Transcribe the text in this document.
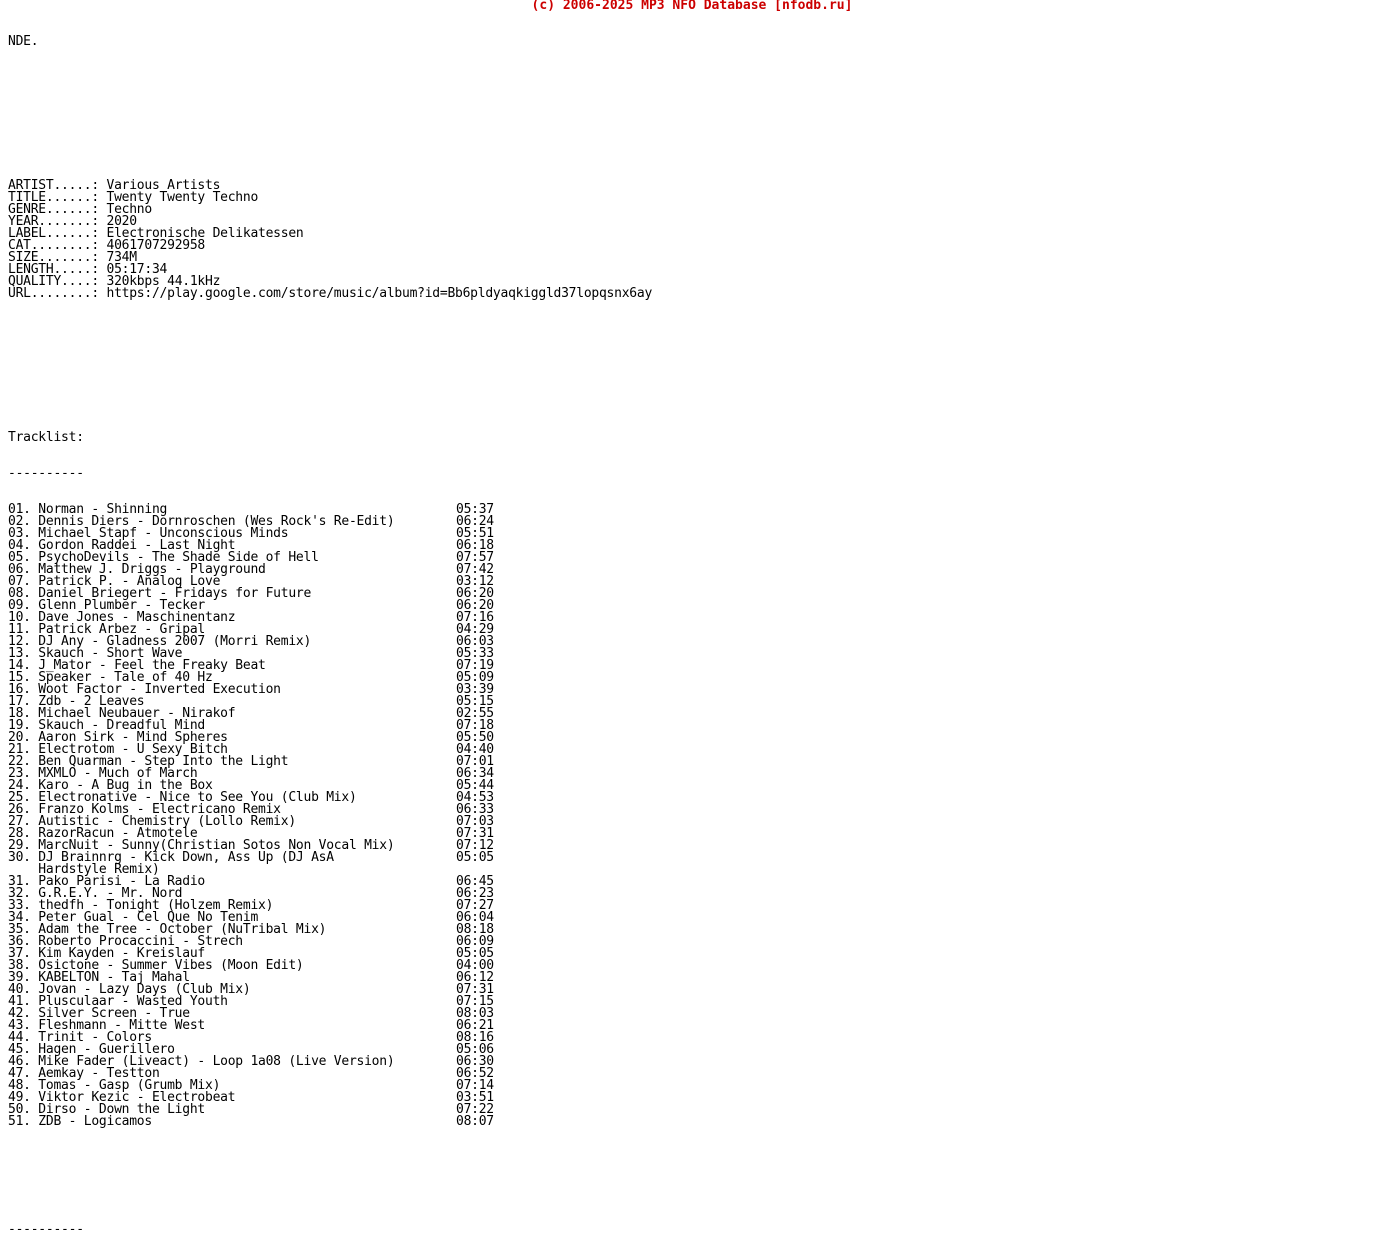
(c) 2006-2025 MP3 NFO Database [nfodb.ru]

NDE.

ARTIST.....: Various Artists
TITLE......: Twenty Twenty Techno
GENRE......: Techno
YEAR.......: 2020
LABEL......: Electronische Delikatessen
CAT........: 4061707292958
SIZE.......: 734M
LENGTH.....: 05:17:34
QUALITY....: 320kbps 44.1kHz
URL........: https://play.google.com/store/music/album?id=Bb6pldyaqkiggld37lopqsnx6ay

Tracklist:

----------

01. Norman - Shinning	05:37
02. Dennis Diers - Dornroschen (Wes Rock's Re-Edit)	06:24
03. Michael Stapf - Unconscious Minds	05:51
04. Gordon Raddei - Last Night	06:18
05. PsychoDevils - The Shade Side of Hell	07:57
06. Matthew J. Driggs - Playground	07:42
07. Patrick P. - Analog Love	03:12
08. Daniel Briegert - Fridays for Future	06:20
09. Glenn Plumber - Tecker	06:20
10. Dave Jones - Maschinentanz	07:16
11. Patrick Arbez - Gripal	04:29
12. DJ Any - Gladness 2007 (Morri Remix)	06:03
13. Skauch - Short Wave	05:33
14. J_Mator - Feel the Freaky Beat	07:19
15. Speaker - Tale of 40 Hz	05:09
16. Woot Factor - Inverted Execution	03:39
17. Zdb - 2 Leaves	05:15
18. Michael Neubauer - Nirakof	02:55
19. Skauch - Dreadful Mind	07:18
20. Aaron Sirk - Mind Spheres	05:50
21. Electrotom - U Sexy Bitch	04:40
22. Ben Quarman - Step Into the Light	07:01
23. MXMLO - Much of March	06:34
24. Karo - A Bug in the Box	05:44
25. Electronative - Nice to See You (Club Mix)	04:53
26. Franzo Kolms - Electricano Remix	06:33
27. Autistic - Chemistry (Lollo Remix)	07:03
28. RazorRacun - Atmotele	07:31
29. MarcNuit - Sunny(Christian Sotos Non Vocal Mix)	07:12
30. DJ Brainnrg - Kick Down, Ass Up (DJ AsA	05:05
Hardstyle Remix)
31. Pako Parisi - La Radio	06:45
32. G.R.E.Y. - Mr. Nord	06:23
33. thedfh - Tonight (Holzem Remix)	07:27
34. Peter Gual - Cel Que No Tenim	06:04
35. Adam the Tree - October (NuTribal Mix)	08:18
36. Roberto Procaccini - Strech	06:09
37. Kim Kayden - Kreislauf	05:05
38. Osictone - Summer Vibes (Moon Edit)	04:00
39. KABELTON - Taj Mahal	06:12
40. Jovan - Lazy Days (Club Mix)	07:31
41. Plusculaar - Wasted Youth	07:15
42. Silver Screen - True	08:03
43. Fleshmann - Mitte West	06:21
44. Trinit - Colors	08:16
45. Hagen - Guerillero	05:06
46. Mike Fader (Liveact) - Loop 1a08 (Live Version)	06:30
47. Aemkay - Testton	06:52
48. Tomas - Gasp (Grumb Mix)	07:14
49. Viktor Kezic - Electrobeat	03:51
50. Dirso - Down the Light	07:22
51. ZDB - Logicamos	08:07

----------
